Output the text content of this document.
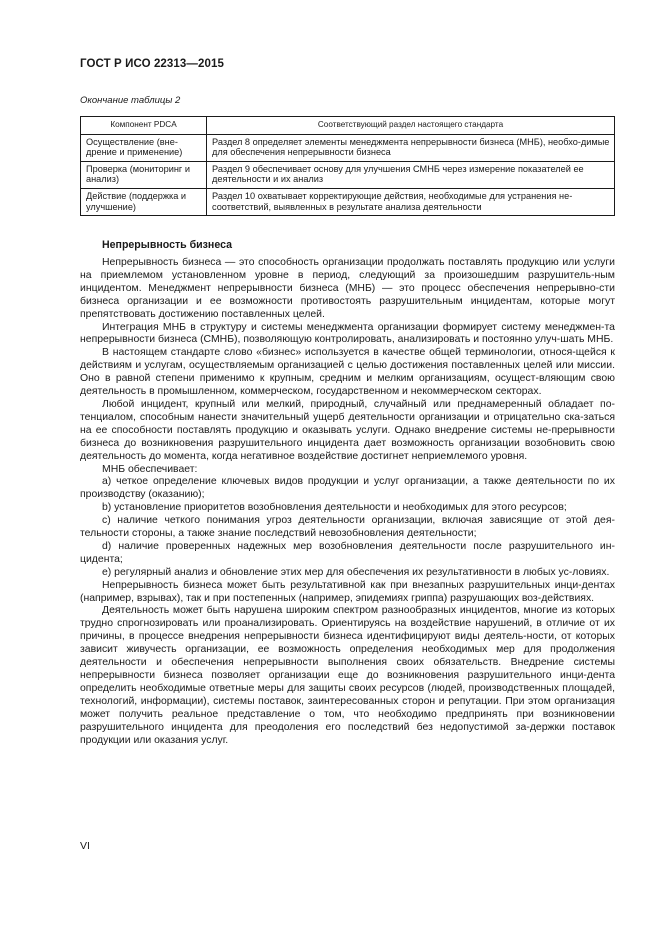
ГОСТ Р ИСО 22313—2015
Окончание таблицы 2
Компонент PDCA	Соответствующий раздел настоящего стандарта
Осуществление (вне-дрение и применение)	Раздел 8 определяет элементы менеджмента непрерывности бизнеса (МНБ), необхо-димые для обеспечения непрерывности бизнеса
Проверка (мониторинг и анализ)	Раздел 9 обеспечивает основу для улучшения СМНБ через измерение показателей ее деятельности и их анализ
Действие (поддержка и улучшение)	Раздел 10 охватывает корректирующие действия, необходимые для устранения не-соответствий, выявленных в результате анализа деятельности
Непрерывность бизнеса

Непрерывность бизнеса — это способность организации продолжать поставлять продукцию или услуги на приемлемом установленном уровне в период, следующий за произошедшим разрушитель-ным инцидентом. Менеджмент непрерывности бизнеса (МНБ) — это процесс обеспечения непрерывно-сти бизнеса организации и ее возможности противостоять разрушительным инцидентам, которые могут препятствовать достижению поставленных целей.

Интеграция МНБ в структуру и системы менеджмента организации формирует систему менеджмен-та непрерывности бизнеса (СМНБ), позволяющую контролировать, анализировать и постоянно улуч-шать МНБ.

В настоящем стандарте слово «бизнес» используется в качестве общей терминологии, относя-щейся к действиям и услугам, осуществляемым организацией с целью достижения поставленных целей или миссии. Оно в равной степени применимо к крупным, средним и мелким организациям, осущест-вляющим свою деятельность в промышленном, коммерческом, государственном и некоммерческом секторах.

Любой инцидент, крупный или мелкий, природный, случайный или преднамеренный обладает по-тенциалом, способным нанести значительный ущерб деятельности организации и отрицательно ска-заться на ее способности поставлять продукцию и оказывать услуги. Однако внедрение системы не-прерывности бизнеса до возникновения разрушительного инцидента дает возможность организации возобновить свою деятельность до момента, когда негативное воздействие достигнет неприемлемого уровня.

МНБ обеспечивает:

a) четкое определение ключевых видов продукции и услуг организации, а также деятельности по их производству (оказанию);

b) установление приоритетов возобновления деятельности и необходимых для этого ресурсов;

c) наличие четкого понимания угроз деятельности организации, включая зависящие от этой дея-тельности стороны, а также знание последствий невозобновления деятельности;

d) наличие проверенных надежных мер возобновления деятельности после разрушительного ин-цидента;

e) регулярный анализ и обновление этих мер для обеспечения их результативности в любых ус-ловиях.

Непрерывность бизнеса может быть результативной как при внезапных разрушительных инци-дентах (например, взрывах), так и при постепенных (например, эпидемиях гриппа) разрушающих воз-действиях.

Деятельность может быть нарушена широким спектром разнообразных инцидентов, многие из которых трудно спрогнозировать или проанализировать. Ориентируясь на воздействие нарушений, в отличие от их причины, в процессе внедрения непрерывности бизнеса идентифицируют виды деятель-ности, от которых зависит живучесть организации, ее возможность определения необходимых мер для продолжения деятельности и обеспечения непрерывности выполнения своих обязательств. Внедрение системы непрерывности бизнеса позволяет организации еще до возникновения разрушительного инци-дента определить необходимые ответные меры для защиты своих ресурсов (людей, производственных площадей, технологий, информации), системы поставок, заинтересованных сторон и репутации. При этом организация может получить реальное представление о том, что необходимо предпринять при возникновении разрушительного инцидента для преодоления его последствий без недопустимой за-держки поставок продукции или оказания услуг.

VI
